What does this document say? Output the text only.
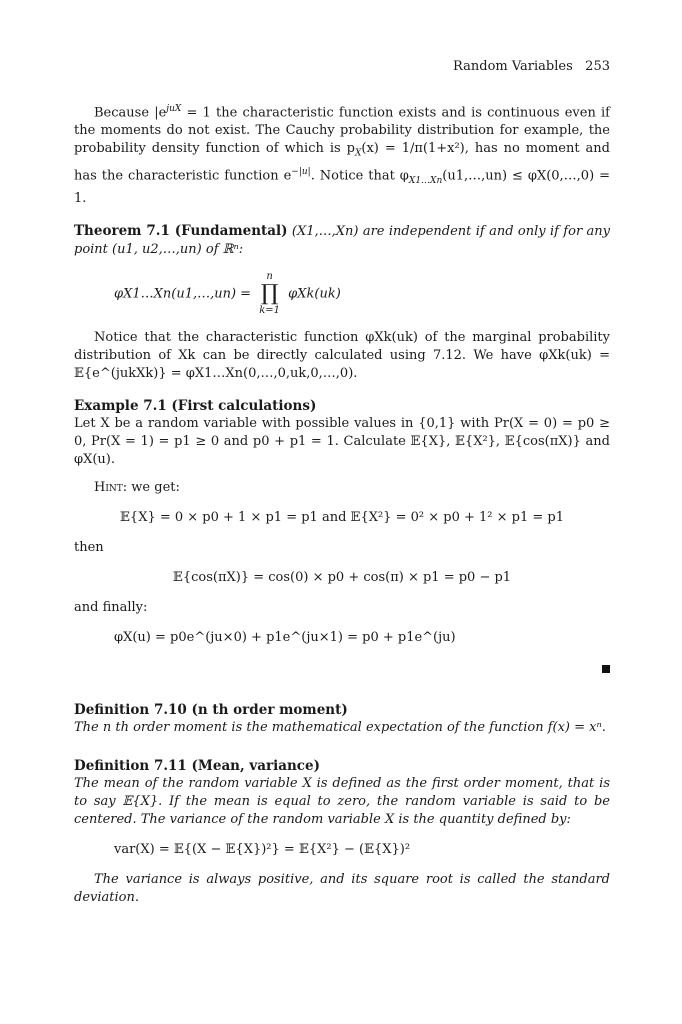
Random Variables 253

Because $|e^{juX} = 1$ the characteristic function exists and is continuous even if the moments do not exist. The Cauchy probability distribution for example, the probability density function of which is $p_X(x) = 1/\pi(1+x^2)$, has no moment and has the characteristic function $e^{-|u|}$. Notice that $\varphi_{X1\dots Xn}(u1,\dots,un)$ ≤ φX(0,…,0) = 1.

Theorem 7.1 (Fundamental) (X1,…,Xn) are independent if and only if for any point (u1, u2,…,un) of ℝⁿ:

φX1…Xn(u1,…,un) =
n
∏
k=1
φXk(uk)

Notice that the characteristic function φXk(uk) of the marginal probability distribution of Xk can be directly calculated using 7.12. We have φXk(uk) = 𝔼{e^(jukXk)} = φX1…Xn(0,…,0,uk,0,…,0).

Example 7.1 (First calculations)

Let X be a random variable with possible values in {0,1} with Pr(X = 0) = p0 ≥ 0, Pr(X = 1) = p1 ≥ 0 and p0 + p1 = 1. Calculate 𝔼{X}, 𝔼{X²}, 𝔼{cos(πX)} and φX(u).

Hint: we get:

𝔼{X} = 0 × p0 + 1 × p1 = p1 and 𝔼{X²} = 0² × p0 + 1² × p1 = p1

then

𝔼{cos(πX)} = cos(0) × p0 + cos(π) × p1 = p0 − p1

and finally:

φX(u) = p0e^(ju×0) + p1e^(ju×1) = p0 + p1e^(ju)

Definition 7.10 (n th order moment)

The n th order moment is the mathematical expectation of the function f(x) = xⁿ.

Definition 7.11 (Mean, variance)

The mean of the random variable X is defined as the first order moment, that is to say 𝔼{X}. If the mean is equal to zero, the random variable is said to be centered. The variance of the random variable X is the quantity defined by:

var(X) = 𝔼{(X − 𝔼{X})²} = 𝔼{X²} − (𝔼{X})²

The variance is always positive, and its square root is called the standard deviation.
